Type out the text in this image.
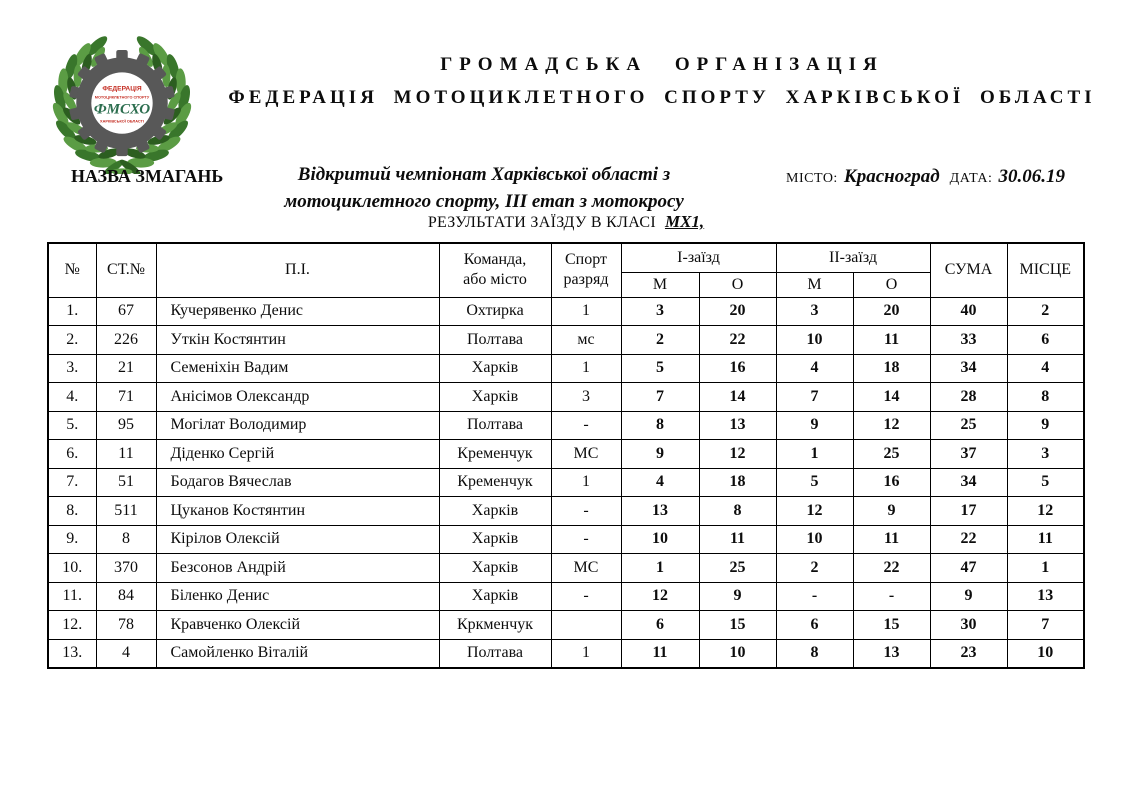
ФЕДЕРАЦІЯ
МОТОЦИКЛЕТНОГО СПОРТУ
ФМСХО
ХАРКІВСЬКОЇ ОБЛАСТІ
ГРОМАДСЬКА ОРГАНІЗАЦІЯ
ФЕДЕРАЦІЯ МОТОЦИКЛЕТНОГО СПОРТУ ХАРКІВСЬКОЇ ОБЛАСТІ
НАЗВА ЗМАГАНЬ	Відкритий чемпіонат Харківської області з мотоциклетного спорту, ІІІ етап з мотокросу
МІСТО: Красноград ДАТА: 30.06.19
РЕЗУЛЬТАТИ ЗАЇЗДУ В КЛАСІ МХ1,
№	СТ.№	П.І.	Команда,
або місто	Спорт
разряд	І-заїзд		ІІ-заїзд		СУМА	МІСЦЕ
					М	О	М	О		
1.	67	Кучерявенко Денис	Охтирка	1	3	20	3	20	40	2
2.	226	Уткін Костянтин	Полтава	мс	2	22	10	11	33	6
3.	21	Семеніхін Вадим	Харків	1	5	16	4	18	34	4
4.	71	Анісімов Олександр	Харків	3	7	14	7	14	28	8
5.	95	Могілат Володимир	Полтава	-	8	13	9	12	25	9
6.	11	Діденко Сергій	Кременчук	МС	9	12	1	25	37	3
7.	51	Бодагов Вячеслав	Кременчук	1	4	18	5	16	34	5
8.	511	Цуканов Костянтин	Харків	-	13	8	12	9	17	12
9.	8	Кірілов Олексій	Харків	-	10	11	10	11	22	11
10.	370	Безсонов Андрій	Харків	МС	1	25	2	22	47	1
11.	84	Біленко Денис	Харків	-	12	9	-	-	9	13
12.	78	Кравченко Олексій	Кркменчук		6	15	6	15	30	7
13.	4	Самойленко Віталій	Полтава	1	11	10	8	13	23	10
